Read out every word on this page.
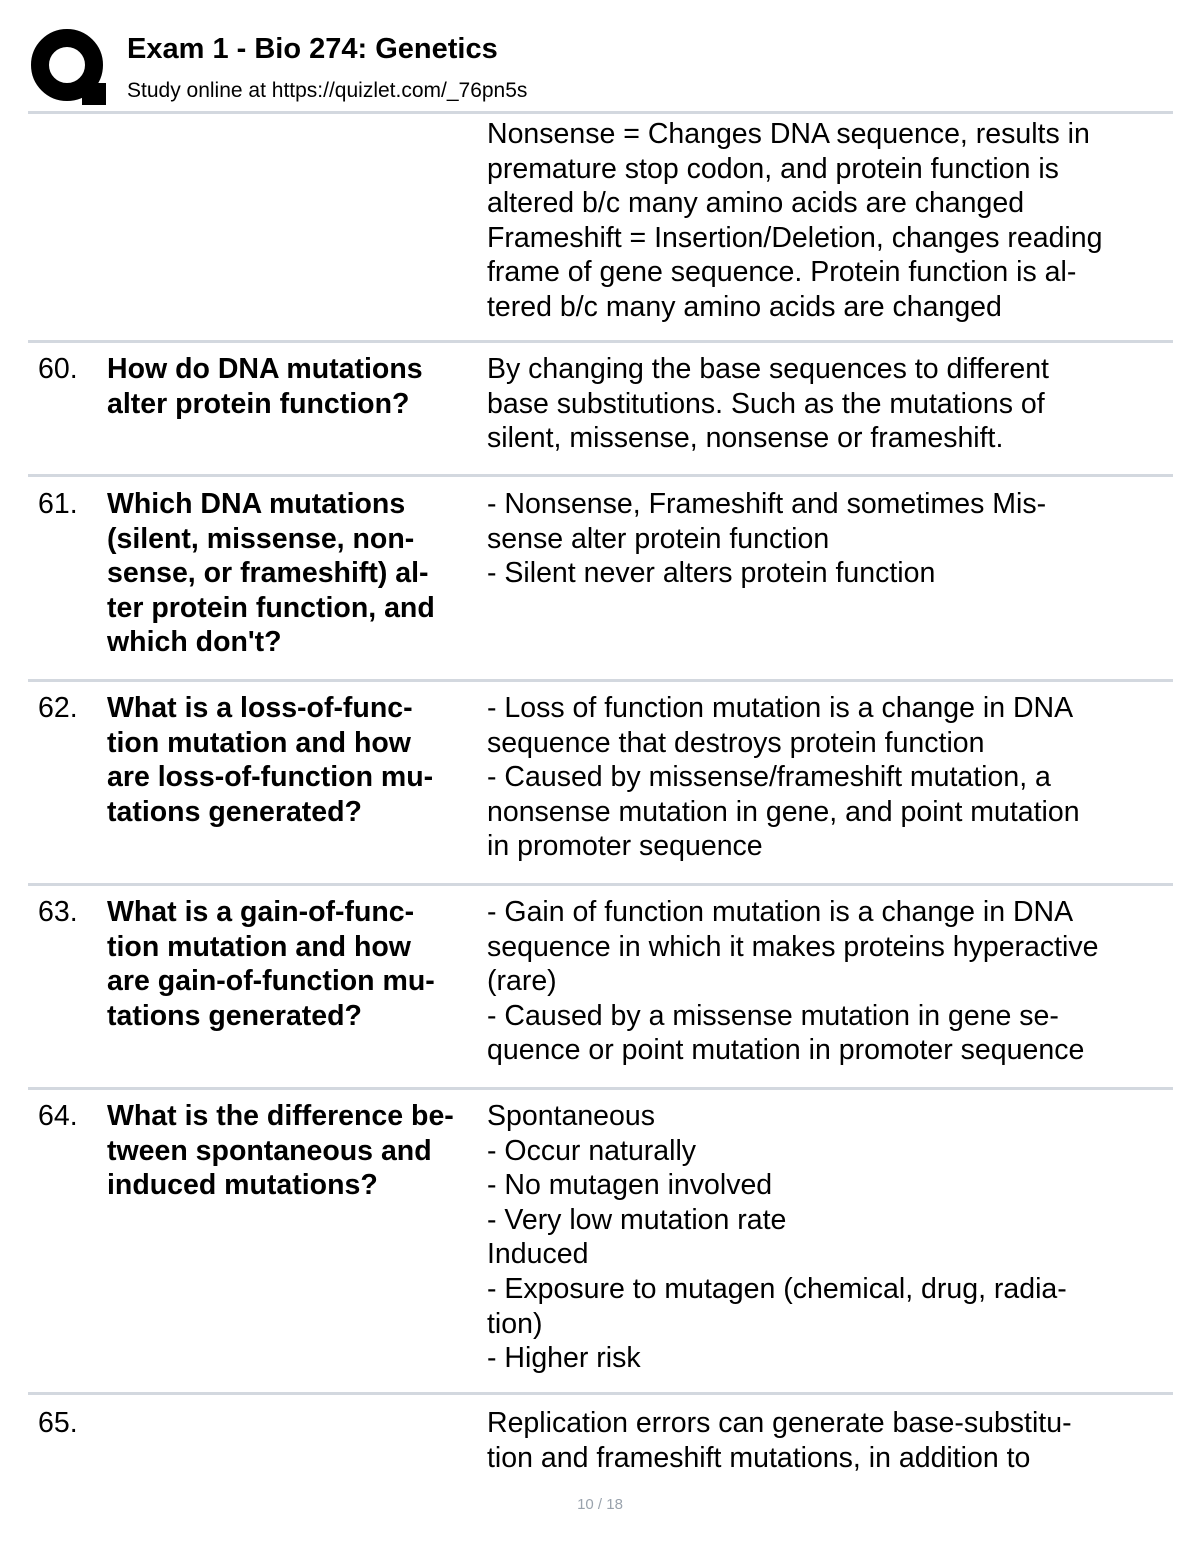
Exam 1 - Bio 274: Genetics
Study online at https://quizlet.com/_76pn5s
Nonsense = Changes DNA sequence, results in
premature stop codon, and protein function is
altered b/c many amino acids are changed
Frameshift = Insertion/Deletion, changes reading
frame of gene sequence. Protein function is al-
tered b/c many amino acids are changed
60. How do DNA mutations
alter protein function?
By changing the base sequences to different
base substitutions. Such as the mutations of
silent, missense, nonsense or frameshift.
61. Which DNA mutations
(silent, missense, non-
sense, or frameshift) al-
ter protein function, and
which don't?
- Nonsense, Frameshift and sometimes Mis-
sense alter protein function
- Silent never alters protein function
62. What is a loss-of-func-
tion mutation and how
are loss-of-function mu-
tations generated?
- Loss of function mutation is a change in DNA
sequence that destroys protein function
- Caused by missense/frameshift mutation, a
nonsense mutation in gene, and point mutation
in promoter sequence
63. What is a gain-of-func-
tion mutation and how
are gain-of-function mu-
tations generated?
- Gain of function mutation is a change in DNA
sequence in which it makes proteins hyperactive
(rare)
- Caused by a missense mutation in gene se-
quence or point mutation in promoter sequence
64. What is the difference be-
tween spontaneous and
induced mutations?
Spontaneous
- Occur naturally
- No mutagen involved
- Very low mutation rate
Induced
- Exposure to mutagen (chemical, drug, radia-
tion)
- Higher risk
65.	Replication errors can generate base-substitu-
tion and frameshift mutations, in addition to
10 / 18
